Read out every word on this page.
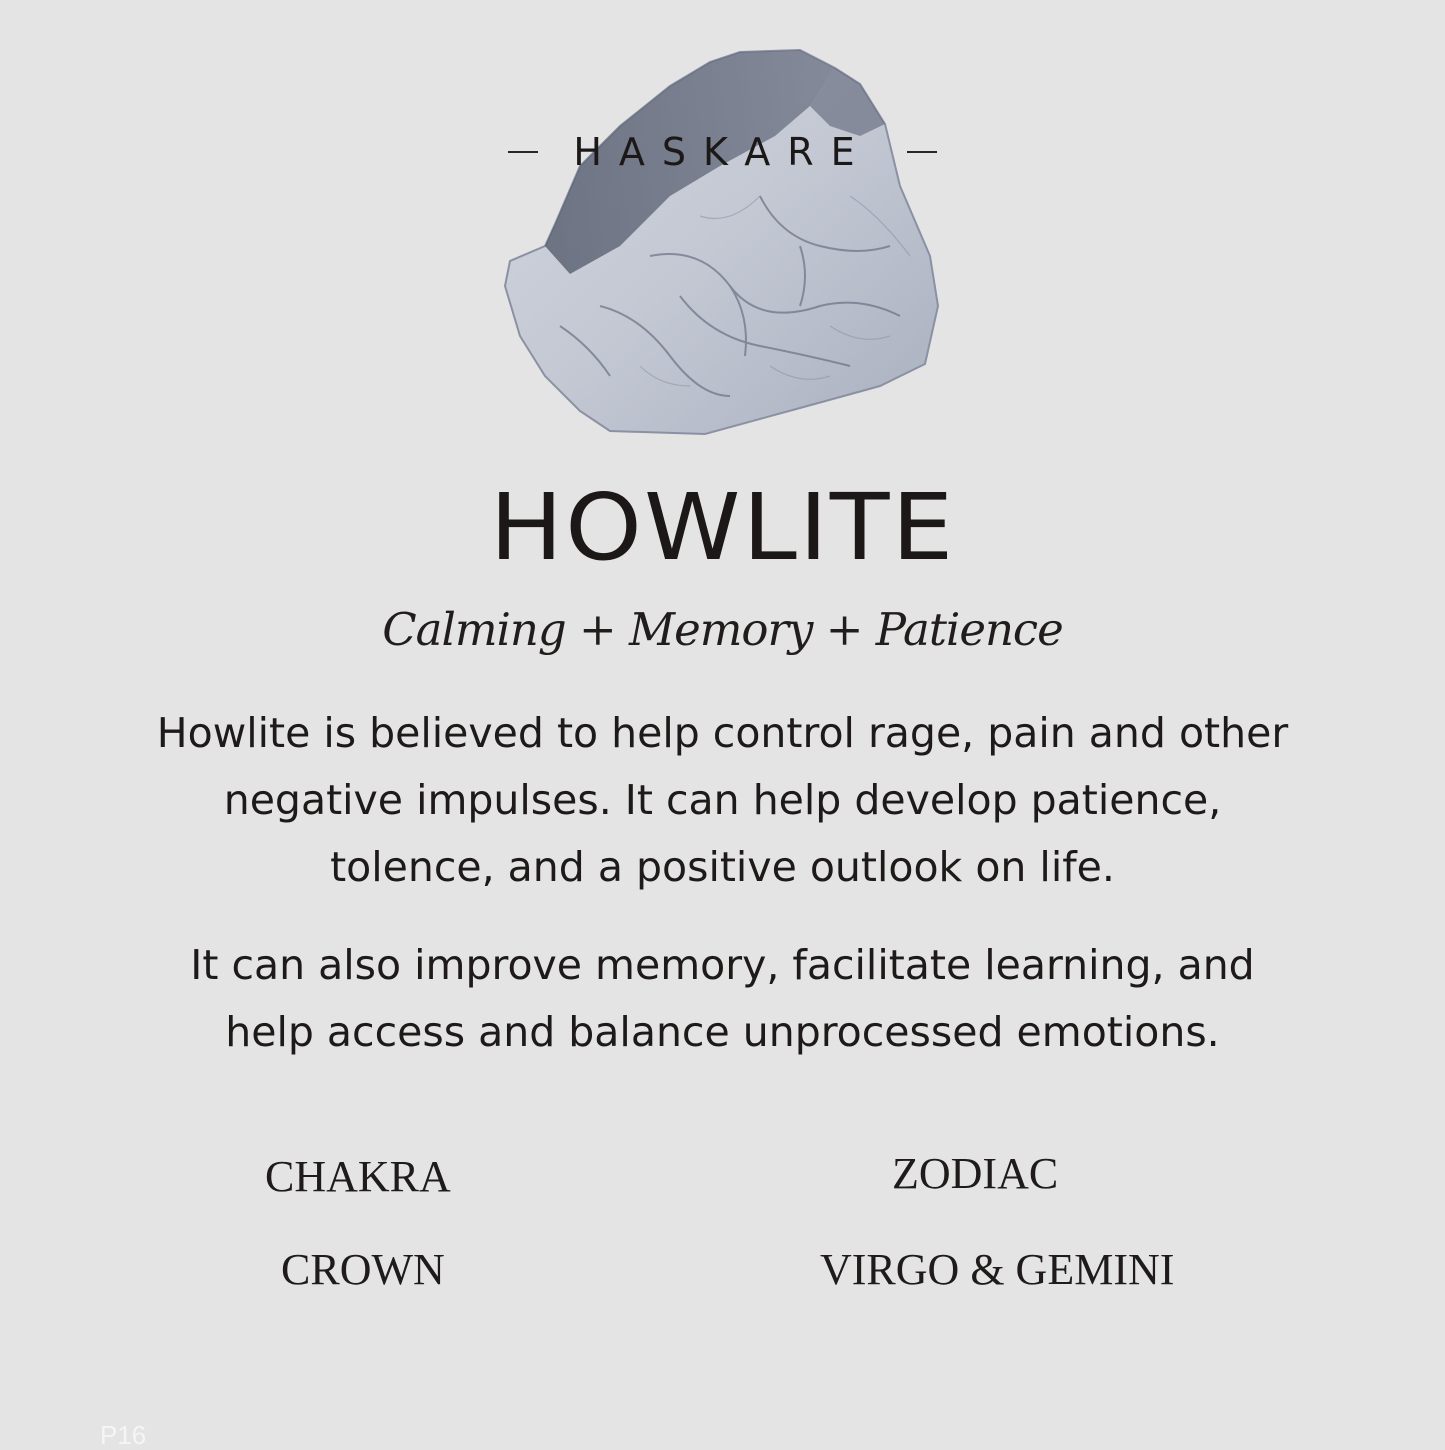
HASKARE
HOWLITE
Calming + Memory + Patience
Howlite is believed to help control rage, pain and other
negative impulses. It can help develop patience,
tolence, and a positive outlook on life.
It can also improve memory, facilitate learning, and
help access and balance unprocessed emotions.
CHAKRA
CROWN
ZODIAC
VIRGO & GEMINI
P16
